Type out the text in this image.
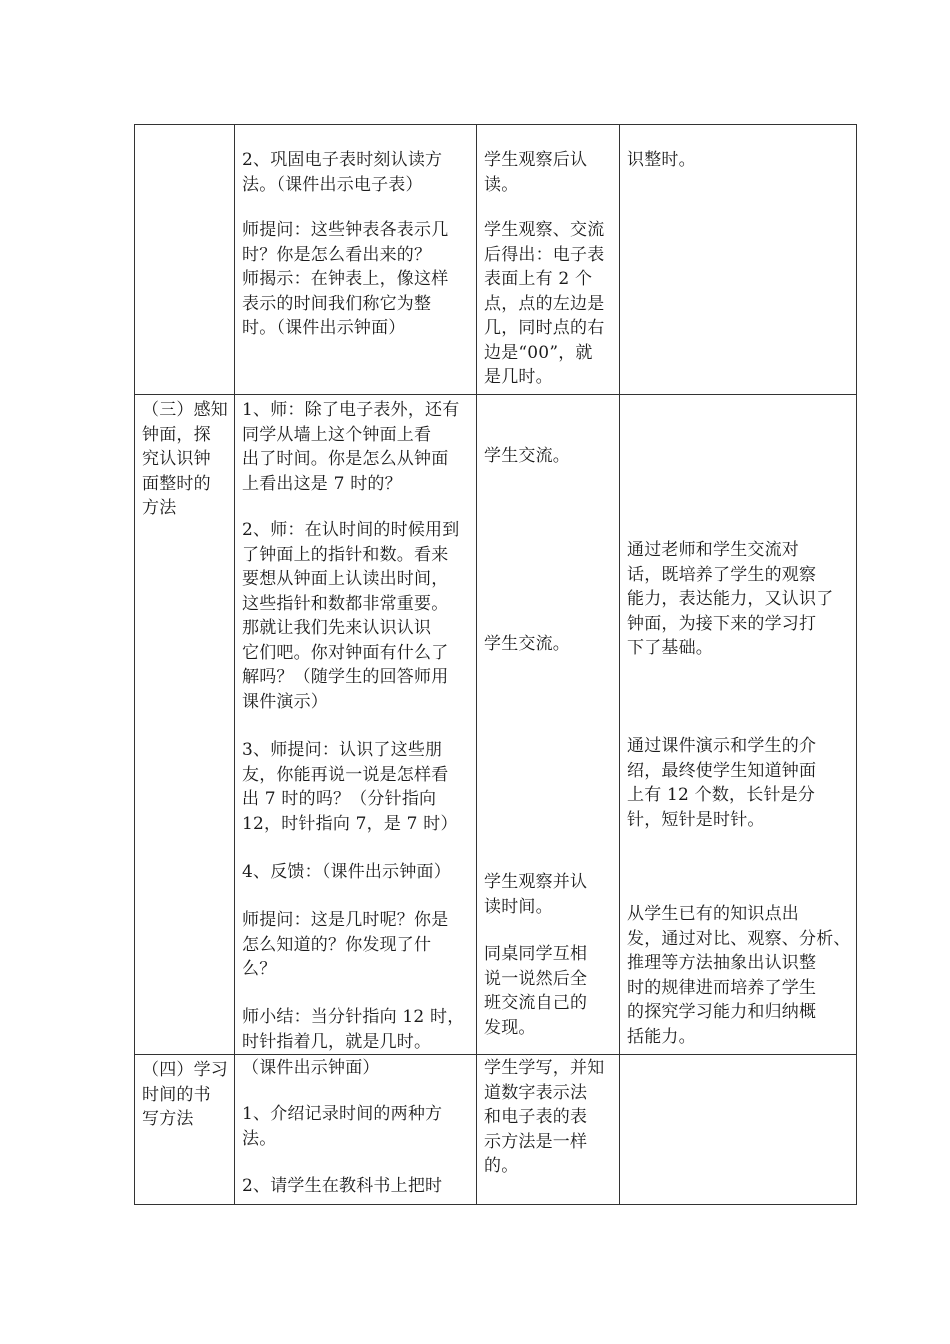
2、巩固电子表时刻认读方
法。（课件出示电子表）

师提问：这些钟表各表示几
时？你是怎么看出来的？
师揭示：在钟表上，像这样
表示的时间我们称它为整
时。（课件出示钟面）

学生观察后认
读。

学生观察、交流
后得出：电子表
表面上有 2 个
点，点的左边是
几，同时点的右
边是“00”，就
是几时。

识整时。

（三）感知
钟面，探
究认识钟
面整时的
方法

1、师：除了电子表外，还有
同学从墙上这个钟面上看
出了时间。你是怎么从钟面
上看出这是 7 时的？

2、师：在认时间的时候用到
了钟面上的指针和数。看来
要想从钟面上认读出时间，
这些指针和数都非常重要。
那就让我们先来认识认识
它们吧。你对钟面有什么了
解吗？（随学生的回答师用
课件演示）

3、师提问：认识了这些朋
友，你能再说一说是怎样看
出 7 时的吗？（分针指向
12，时针指向 7，是 7 时）

4、反馈：（课件出示钟面）

师提问：这是几时呢？你是
怎么知道的？你发现了什
么？

师小结：当分针指向 12 时，
时针指着几，就是几时。

学生交流。

学生交流。

学生观察并认
读时间。

同桌同学互相
说一说然后全
班交流自己的
发现。

通过老师和学生交流对
话，既培养了学生的观察
能力，表达能力，又认识了
钟面，为接下来的学习打
下了基础。

通过课件演示和学生的介
绍，最终使学生知道钟面
上有 12 个数，长针是分
针，短针是时针。

从学生已有的知识点出
发，通过对比、观察、分析、
推理等方法抽象出认识整
时的规律进而培养了学生
的探究学习能力和归纳概
括能力。

（四）学习
时间的书
写方法

（课件出示钟面）

1、介绍记录时间的两种方
法。

2、请学生在教科书上把时

学生学写，并知
道数字表示法
和电子表的表
示方法是一样
的。
